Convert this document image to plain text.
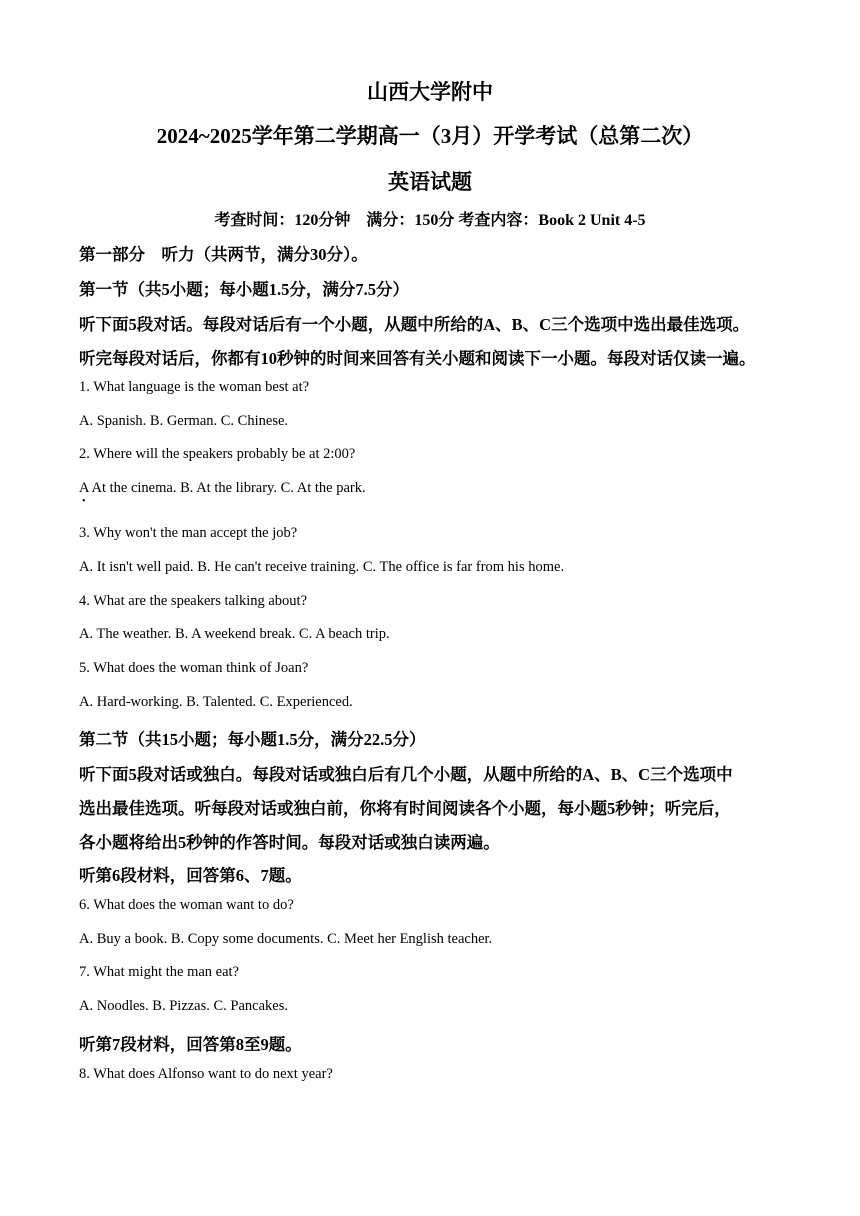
山西大学附中
2024~2025学年第二学期高一（3月）开学考试（总第二次）
英语试题
考查时间：120分钟　满分：150分 考查内容：Book 2 Unit 4-5
第一部分　听力（共两节，满分30分）。
第一节（共5小题；每小题1.5分，满分7.5分）
听下面5段对话。每段对话后有一个小题，从题中所给的A、B、C三个选项中选出最佳选项。
听完每段对话后，你都有10秒钟的时间来回答有关小题和阅读下一小题。每段对话仅读一遍。
1. What language is the woman best at?
A. Spanish. B. German. C. Chinese.
2. Where will the speakers probably be at 2:00?
A At the cinema. B. At the library. C. At the park.
•
3. Why won't the man accept the job?
A. It isn't well paid. B. He can't receive training. C. The office is far from his home.
4. What are the speakers talking about?
A. The weather. B. A weekend break. C. A beach trip.
5. What does the woman think of Joan?
A. Hard-working. B. Talented. C. Experienced.
第二节（共15小题；每小题1.5分，满分22.5分）
听下面5段对话或独白。每段对话或独白后有几个小题，从题中所给的A、B、C三个选项中
选出最佳选项。听每段对话或独白前，你将有时间阅读各个小题，每小题5秒钟；听完后，
各小题将给出5秒钟的作答时间。每段对话或独白读两遍。
听第6段材料，回答第6、7题。
6. What does the woman want to do?
A. Buy a book. B. Copy some documents. C. Meet her English teacher.
7. What might the man eat?
A. Noodles. B. Pizzas. C. Pancakes.
听第7段材料，回答第8至9题。
8. What does Alfonso want to do next year?
